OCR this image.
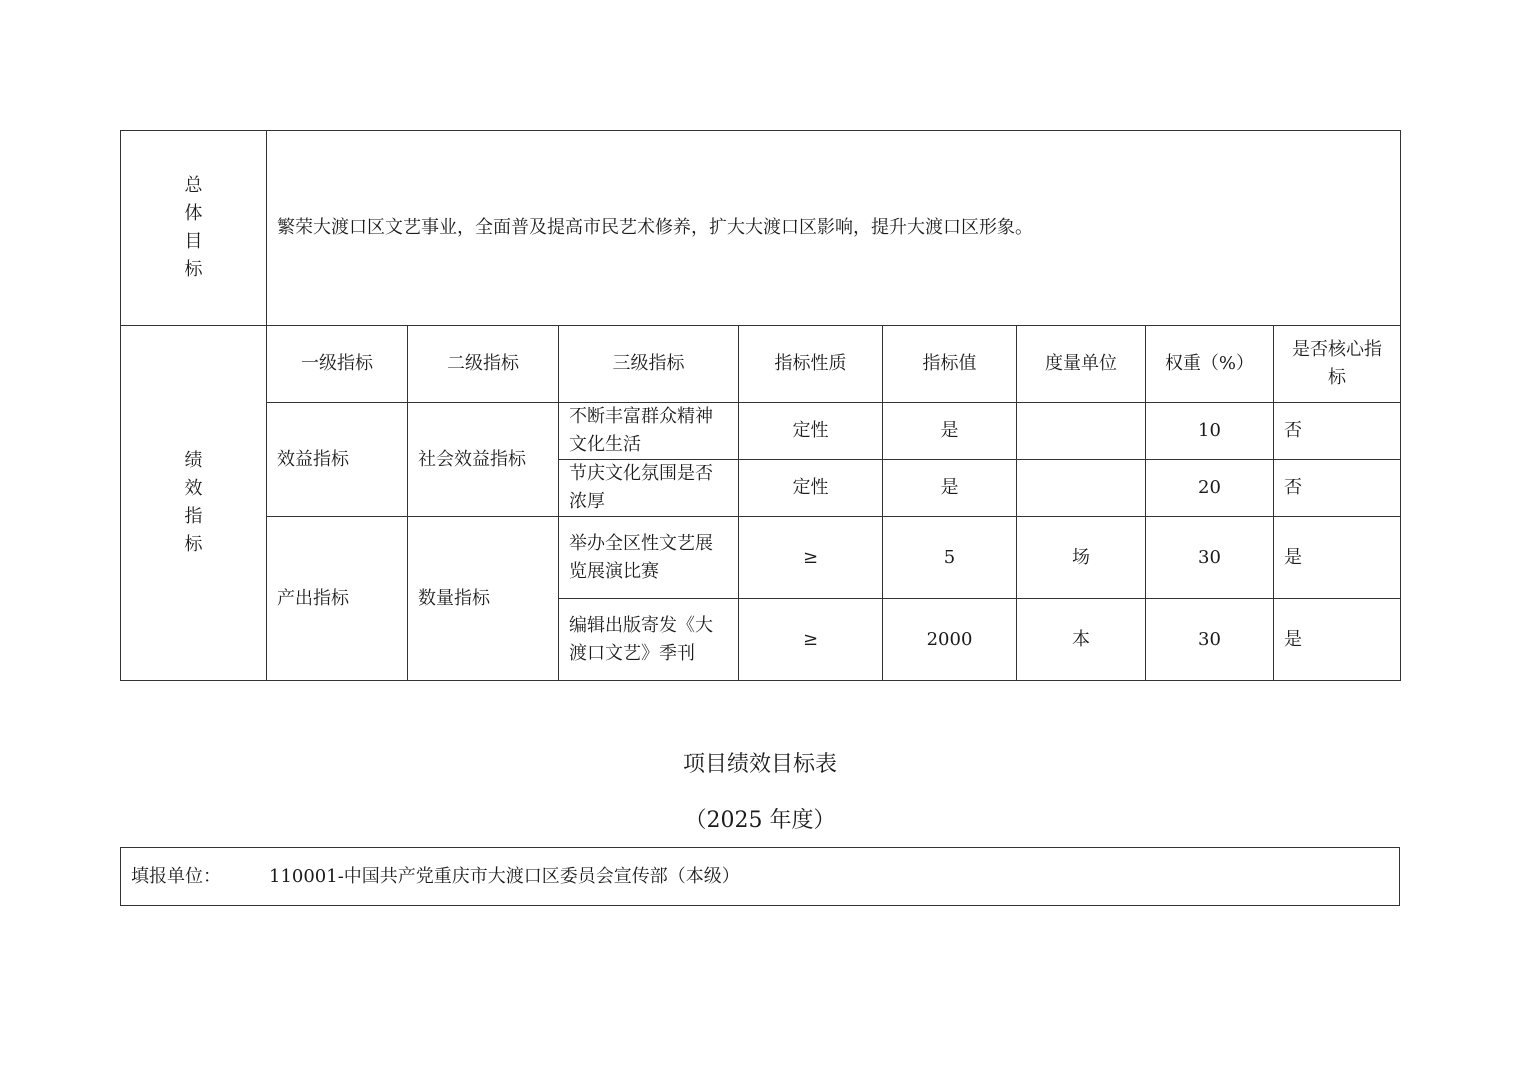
总
体
目
标	繁荣大渡口区文艺事业，全面普及提高市民艺术修养，扩大大渡口区影响，提升大渡口区形象。							

绩
效
指
标	一级指标	二级指标	三级指标	指标性质	指标值	度量单位	权重（%）	是否核心指标
	效益指标	社会效益指标	不断丰富群众精神文化生活	定性	是		10	否
			节庆文化氛围是否浓厚	定性	是		20	否
	产出指标	数量指标	举办全区性文艺展览展演比赛	≥	5	场	30	是
			编辑出版寄发《大渡口文艺》季刊	≥	2000	本	30	是
项目绩效目标表
（2025 年度）
填报单位：	110001-中国共产党重庆市大渡口区委员会宣传部（本级）
